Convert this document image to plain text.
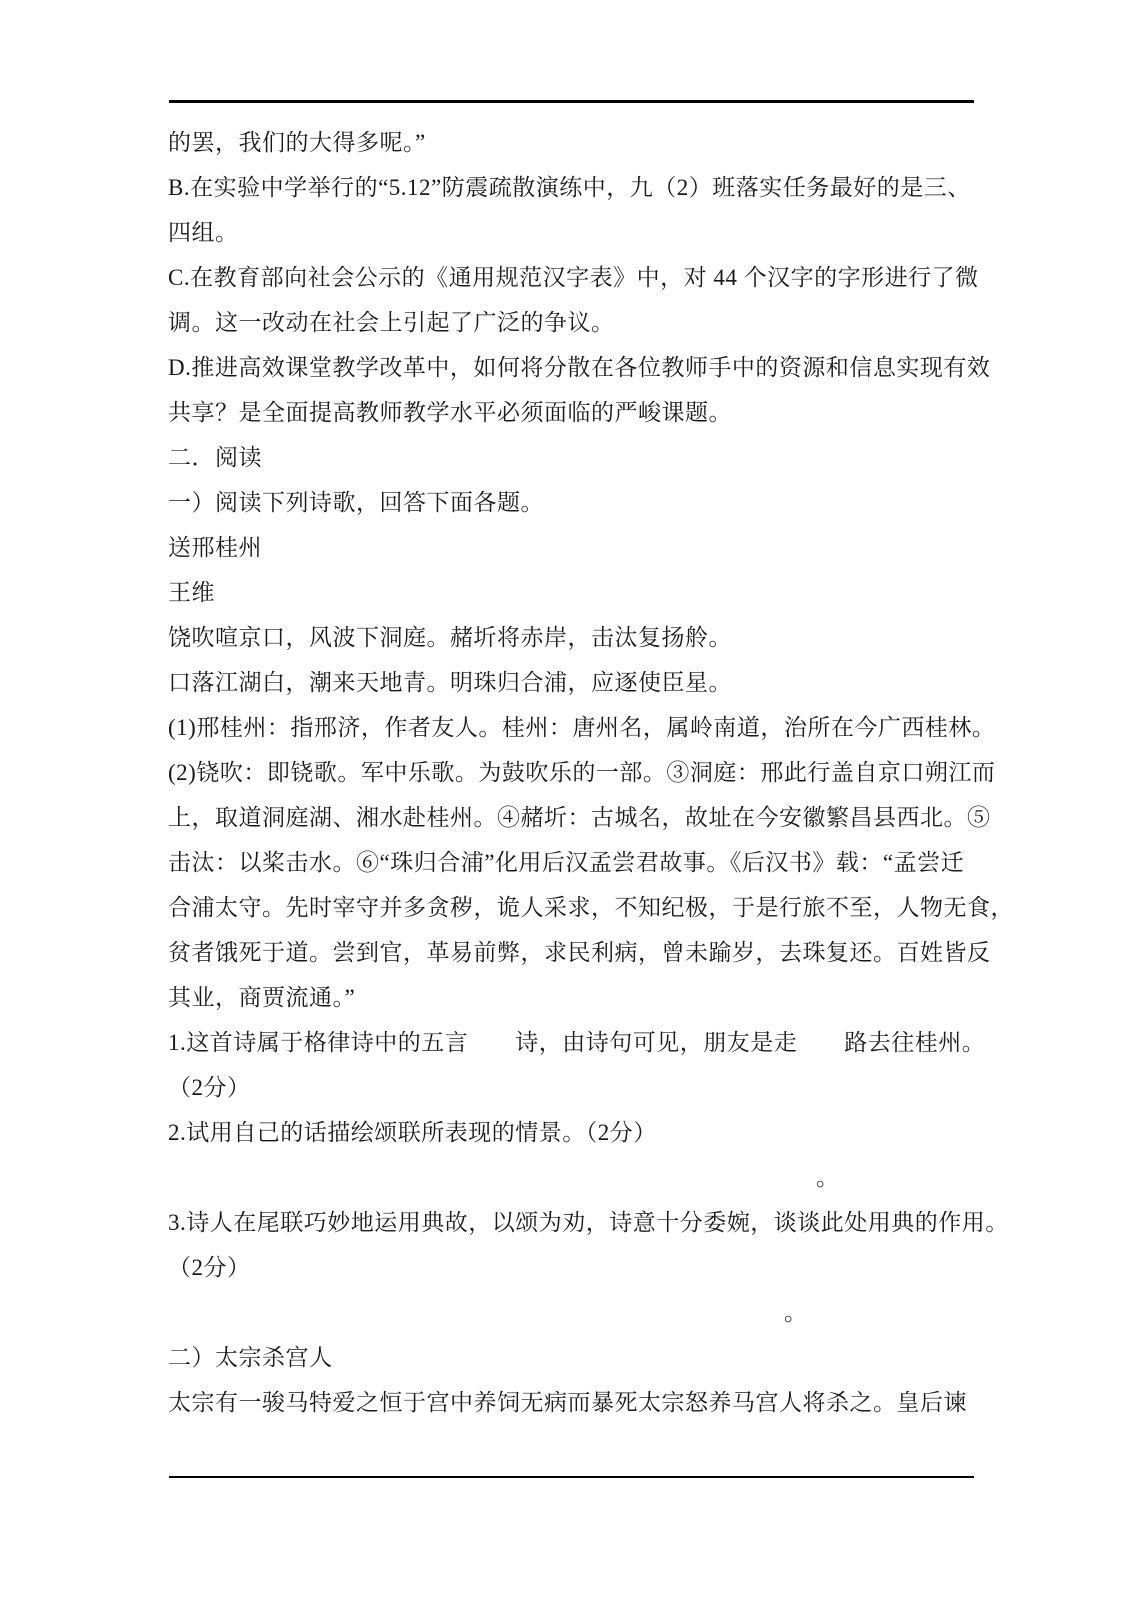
的罢，我们的大得多呢。”
B.在实验中学举行的“5.12”防震疏散演练中，九（2）班落实任务最好的是三、
四组。
C.在教育部向社会公示的《通用规范汉字表》中，对 44 个汉字的字形进行了微
调。这一改动在社会上引起了广泛的争议。
D.推进高效课堂教学改革中，如何将分散在各位教师手中的资源和信息实现有效
共享？是全面提高教师教学水平必须面临的严峻课题。
二．阅读
一）阅读下列诗歌，回答下面各题。
送邢桂州
王维
饶吹喧京口，风波下洞庭。赭圻将赤岸，击汰复扬舲。
口落江湖白，潮来天地青。明珠归合浦，应逐使臣星。
(1)邢桂州：指邢济，作者友人。桂州：唐州名，属岭南道，治所在今广西桂林。
(2)铙吹：即铙歌。军中乐歌。为鼓吹乐的一部。③洞庭：邢此行盖自京口朔江而
上，取道洞庭湖、湘水赴桂州。④赭圻：古城名，故址在今安徽繁昌县西北。⑤
击汰：以桨击水。⑥“珠归合浦”化用后汉孟尝君故事。《后汉书》载：“孟尝迁
合浦太守。先时宰守并多贪秽，诡人采求，不知纪极，于是行旅不至，人物无食，
贫者饿死于道。尝到官，革易前弊，求民利病，曾未踰岁，去珠复还。百姓皆反
其业，商贾流通。”
1.这首诗属于格律诗中的五言　　诗，由诗句可见，朋友是走　　路去往桂州。
（2分）
2.试用自己的话描绘颂联所表现的情景。（2分）
。
3.诗人在尾联巧妙地运用典故，以颂为劝，诗意十分委婉，谈谈此处用典的作用。
（2分）
。
二）太宗杀宫人
太宗有一骏马特爱之恒于宫中养饲无病而暴死太宗怒养马宫人将杀之。皇后谏
